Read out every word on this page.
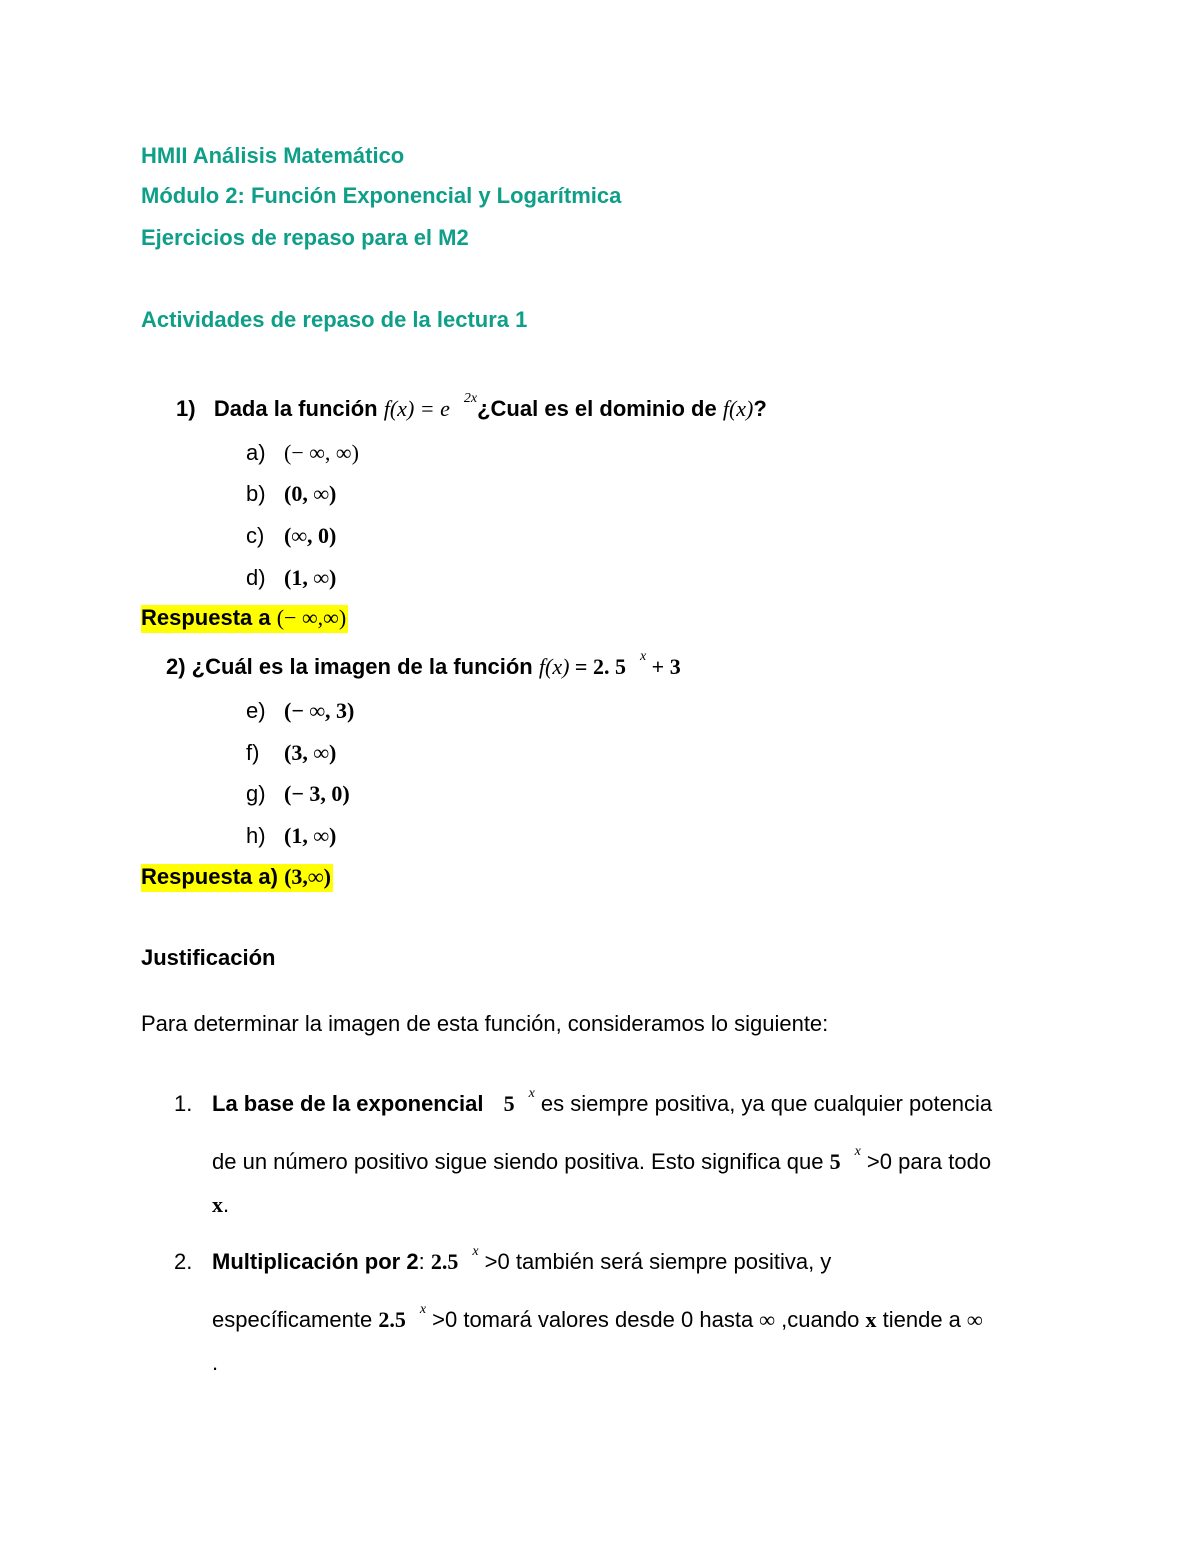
HMII Análisis Matemático
Módulo 2: Función Exponencial y Logarítmica
Ejercicios de repaso para el M2
Actividades de repaso de la lectura 1
1) Dada la función f(x) = e $^{2x}$¿Cual es el dominio de f(x)?
a) (− ∞, ∞)
b) (0, ∞)
c) (∞, 0)
d) (1, ∞)
Respuesta a (− ∞,∞)
2) ¿Cuál es la imagen de la función f(x) = 2. 5 $^x$ + 3
e) (− ∞, 3)
f) (3, ∞)
g) (− 3, 0)
h) (1, ∞)
Respuesta a) (3,∞)
Justificación
Para determinar la imagen de esta función, consideramos lo siguiente:
1. La base de la exponencial 5 $^x$ es siempre positiva, ya que cualquier potencia
de un número positivo sigue siendo positiva. Esto significa que 5 $^x$ >0 para todo
x.
2. Multiplicación por 2: 2.5 $^x$ >0 también será siempre positiva, y
específicamente 2.5 $^x$ >0 tomará valores desde 0 hasta ∞ ,cuando x tiende a ∞
.
